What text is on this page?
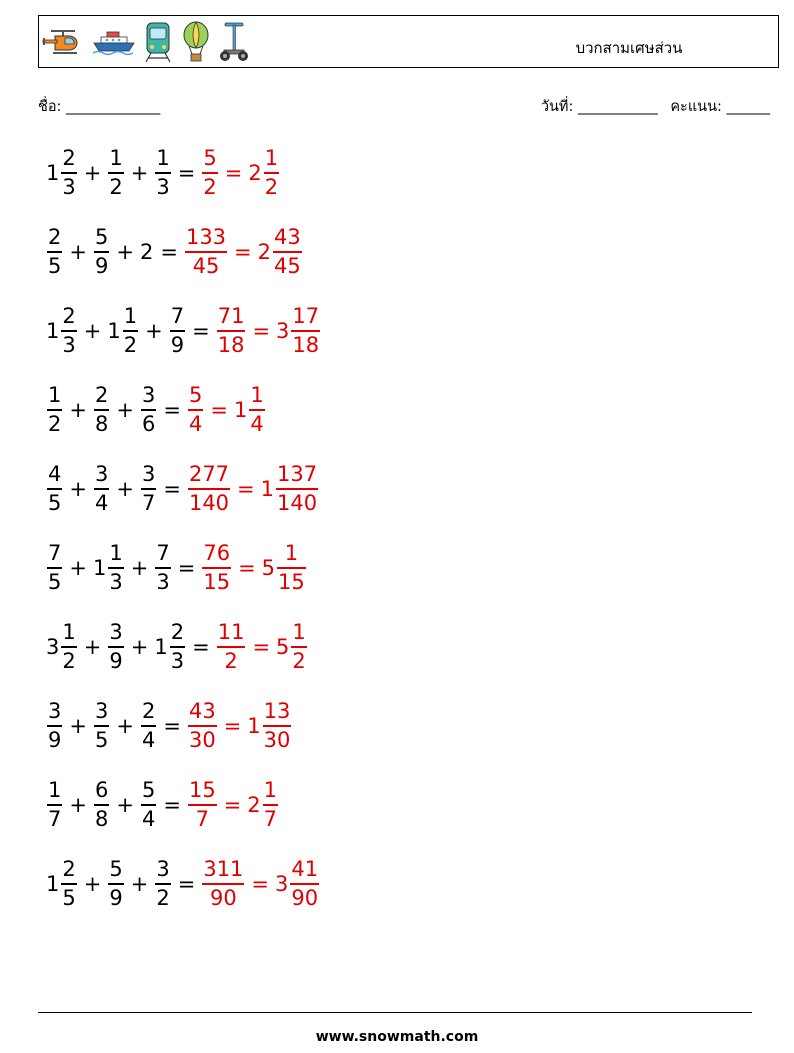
บวกสามเศษส่วน
ชื่อ: _____________	วันที่: ___________ คะแนน: ______
$1 \frac{2}{3} + \frac{1}{2} + \frac{1}{3} = \frac{5}{2} = 2 \frac{1}{2}$
$\frac{2}{5} + \frac{5}{9} + 2 = \frac{133}{45} = 2 \frac{43}{45}$
$1 \frac{2}{3} + 1 \frac{1}{2} + \frac{7}{9} = \frac{71}{18} = 3 \frac{17}{18}$
$\frac{1}{2} + \frac{2}{8} + \frac{3}{6} = \frac{5}{4} = 1 \frac{1}{4}$
$\frac{4}{5} + \frac{3}{4} + \frac{3}{7} = \frac{277}{140} = 1 \frac{137}{140}$
$\frac{7}{5} + 1 \frac{1}{3} + \frac{7}{3} = \frac{76}{15} = 5 \frac{1}{15}$
$3 \frac{1}{2} + \frac{3}{9} + 1 \frac{2}{3} = \frac{11}{2} = 5 \frac{1}{2}$
$\frac{3}{9} + \frac{3}{5} + \frac{2}{4} = \frac{43}{30} = 1 \frac{13}{30}$
$\frac{1}{7} + \frac{6}{8} + \frac{5}{4} = \frac{15}{7} = 2 \frac{1}{7}$
$1 \frac{2}{5} + \frac{5}{9} + \frac{3}{2} = \frac{311}{90} = 3 \frac{41}{90}$
www.snowmath.com
